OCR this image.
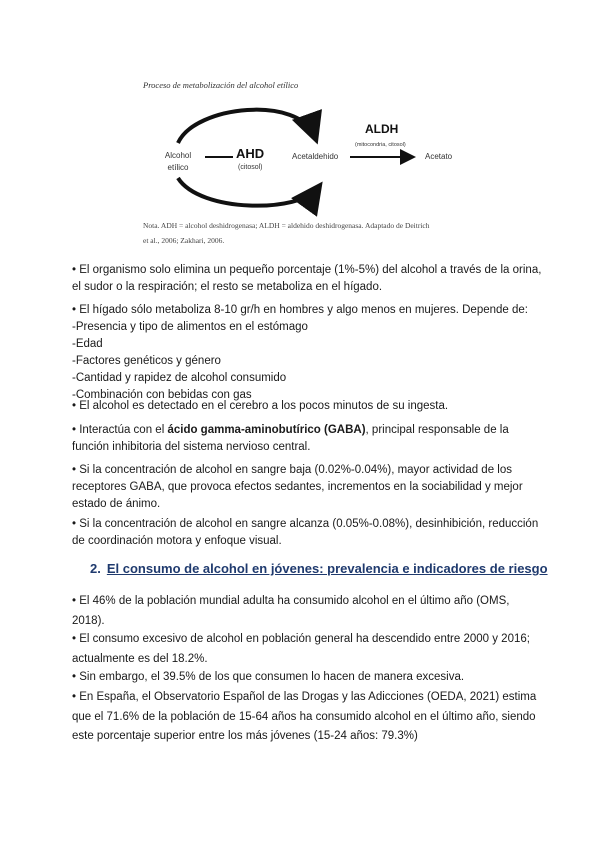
Proceso de metabolización del alcohol etílico
Alcohol
etílico
AHD
(citosol)
Acetaldehido
ALDH
(mitocondria, citosol)
Acetato
Nota. ADH = alcohol deshidrogenasa; ALDH = aldehido deshidrogenasa. Adaptado de Deitrich
et al., 2006; Zakhari, 2006.

• El organismo solo elimina un pequeño porcentaje (1%-5%) del alcohol a través de la orina,

el sudor o la respiración; el resto se metaboliza en el hígado.

• El hígado sólo metaboliza 8-10 gr/h en hombres y algo menos en mujeres. Depende de:

-Presencia y tipo de alimentos en el estómago

-Edad

-Factores genéticos y género

-Cantidad y rapidez de alcohol consumido

-Combinación con bebidas con gas

• El alcohol es detectado en el cerebro a los pocos minutos de su ingesta.

• Interactúa con el ácido gamma-aminobutírico (GABA), principal responsable de la

función inhibitoria del sistema nervioso central.

• Si la concentración de alcohol en sangre baja (0.02%-0.04%), mayor actividad de los

receptores GABA, que provoca efectos sedantes, incrementos en la sociabilidad y mejor

estado de ánimo.

• Si la concentración de alcohol en sangre alcanza (0.05%-0.08%), desinhibición, reducción

de coordinación motora y enfoque visual.

2. El consumo de alcohol en jóvenes: prevalencia e indicadores de riesgo

• El 46% de la población mundial adulta ha consumido alcohol en el último año (OMS,

2018).

• El consumo excesivo de alcohol en población general ha descendido entre 2000 y 2016;

actualmente es del 18.2%.

• Sin embargo, el 39.5% de los que consumen lo hacen de manera excesiva.

• En España, el Observatorio Español de las Drogas y las Adicciones (OEDA, 2021) estima

que el 71.6% de la población de 15-64 años ha consumido alcohol en el último año, siendo

este porcentaje superior entre los más jóvenes (15-24 años: 79.3%)
